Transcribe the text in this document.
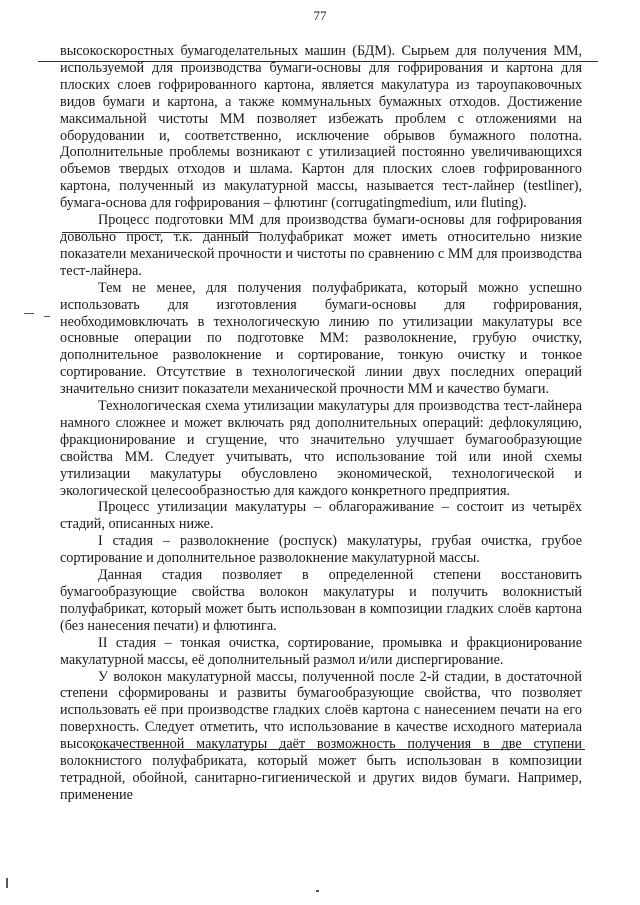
77

высокоскоростных бумагоделательных машин (БДМ). Сырьем для получения ММ, используемой для производства бумаги-основы для гофрирования и картона для плоских слоев гофрированного картона, является макулатура из тароупаковочных видов бумаги и картона, а также коммунальных бумажных отходов. Достижение максимальной чистоты ММ позволяет избежать проблем с отложениями на оборудовании и, соответственно, исключение обрывов бумажного полотна. Дополнительные проблемы возникают с утилизацией постоянно увеличивающихся объемов твердых отходов и шлама. Картон для плоских слоев гофрированного картона, полученный из макулатурной массы, называется тест-лайнер (testliner), бумага-основа для гофрирования – флютинг (corrugatingmedium, или fluting).

Процесс подготовки ММ для производства бумаги-основы для гофрирования довольно прост, т.к. данный полуфабрикат может иметь относительно низкие показатели механической прочности и чистоты по сравнению с ММ для производства тест-лайнера.

Тем не менее, для получения полуфабриката, который можно успешно использовать для изготовления бумаги-основы для гофрирования, необходимовключать в технологическую линию по утилизации макулатуры все основные операции по подготовке ММ: разволокнение, грубую очистку, дополнительное разволокнение и сортирование, тонкую очистку и тонкое сортирование. Отсутствие в технологической линии двух последних операций значительно снизит показатели механической прочности ММ и качество бумаги.

Технологическая схема утилизации макулатуры для производства тест-лайнера намного сложнее и может включать ряд дополнительных операций: дефлокуляцию, фракционирование и сгущение, что значительно улучшает бумагообразующие свойства ММ. Следует учитывать, что использование той или иной схемы утилизации макулатуры обусловлено экономической, технологической и экологической целесообразностью для каждого конкретного предприятия.

Процесс утилизации макулатуры – облагораживание – состоит из четырёх стадий, описанных ниже.

I стадия – разволокнение (роспуск) макулатуры, грубая очистка, грубое сортирование и дополнительное разволокнение макулатурной массы.

Данная стадия позволяет в определенной степени восстановить бумагообразующие свойства волокон макулатуры и получить волокнистый полуфабрикат, который может быть использован в композиции гладких слоёв картона (без нанесения печати) и флютинга.

II стадия – тонкая очистка, сортирование, промывка и фракционирование макулатурной массы, её дополнительный размол и/или диспергирование.

У волокон макулатурной массы, полученной после 2-й стадии, в достаточной степени сформированы и развиты бумагообразующие свойства, что позволяет использовать её при производстве гладких слоёв картона с нанесением печати на его поверхность. Следует отметить, что использование в качестве исходного материала высококачественной макулатуры даёт возможность получения в две ступени волокнистого полуфабриката, который может быть использован в композиции тетрадной, обойной, санитарно-гигиенической и других видов бумаги. Например, применение
